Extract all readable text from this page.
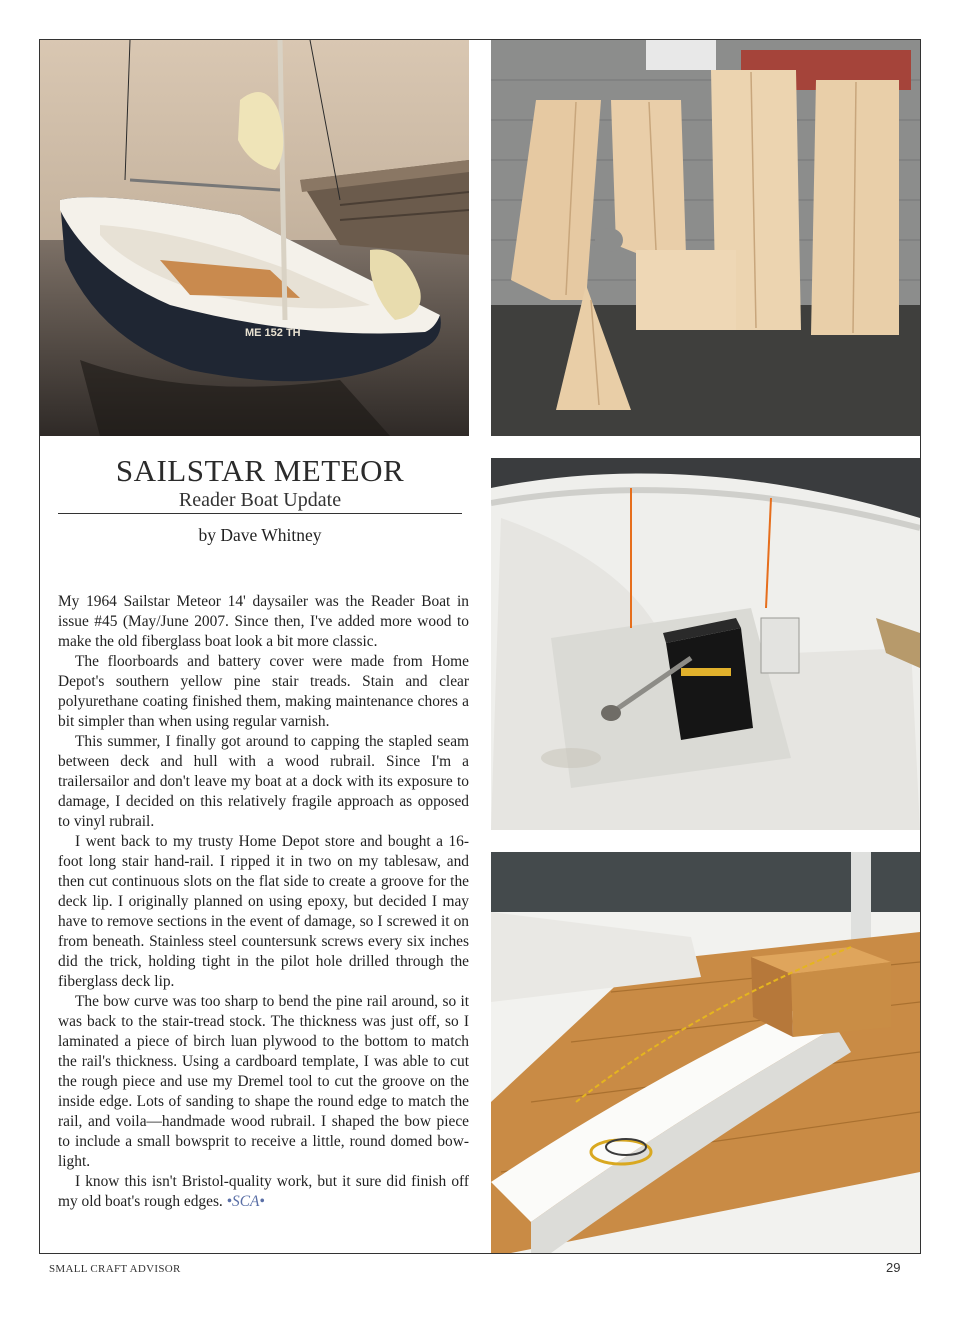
ME 152 TH
SAILSTAR METEOR
Reader Boat Update
by Dave Whitney

My 1964 Sailstar Meteor 14' daysailer was the Reader Boat in issue #45 (May/June 2007. Since then, I've added more wood to make the old fiberglass boat look a bit more classic.

The floorboards and battery cover were made from Home Depot's southern yellow pine stair treads. Stain and clear polyurethane coating finished them, making maintenance chores a bit simpler than when using regular varnish.

This summer, I finally got around to capping the stapled seam between deck and hull with a wood rubrail. Since I'm a trailersailor and don't leave my boat at a dock with its exposure to damage, I decided on this relatively fragile approach as opposed to vinyl rubrail.

I went back to my trusty Home Depot store and bought a 16-foot long stair hand-rail. I ripped it in two on my tablesaw, and then cut continuous slots on the flat side to create a groove for the deck lip. I originally planned on using epoxy, but decided I may have to remove sections in the event of damage, so I screwed it on from beneath. Stainless steel countersunk screws every six inches did the trick, holding tight in the pilot hole drilled through the fiberglass deck lip.

The bow curve was too sharp to bend the pine rail around, so it was back to the stair-tread stock. The thickness was just off, so I laminated a piece of birch luan plywood to the bottom to match the rail's thickness. Using a cardboard template, I was able to cut the rough piece and use my Dremel tool to cut the groove on the inside edge. Lots of sanding to shape the round edge to match the rail, and voila—handmade wood rubrail. I shaped the bow piece to include a small bowsprit to receive a little, round domed bow-light.

I know this isn't Bristol-quality work, but it sure did finish off my old boat's rough edges. •SCA•

SMALL CRAFT ADVISOR	29
